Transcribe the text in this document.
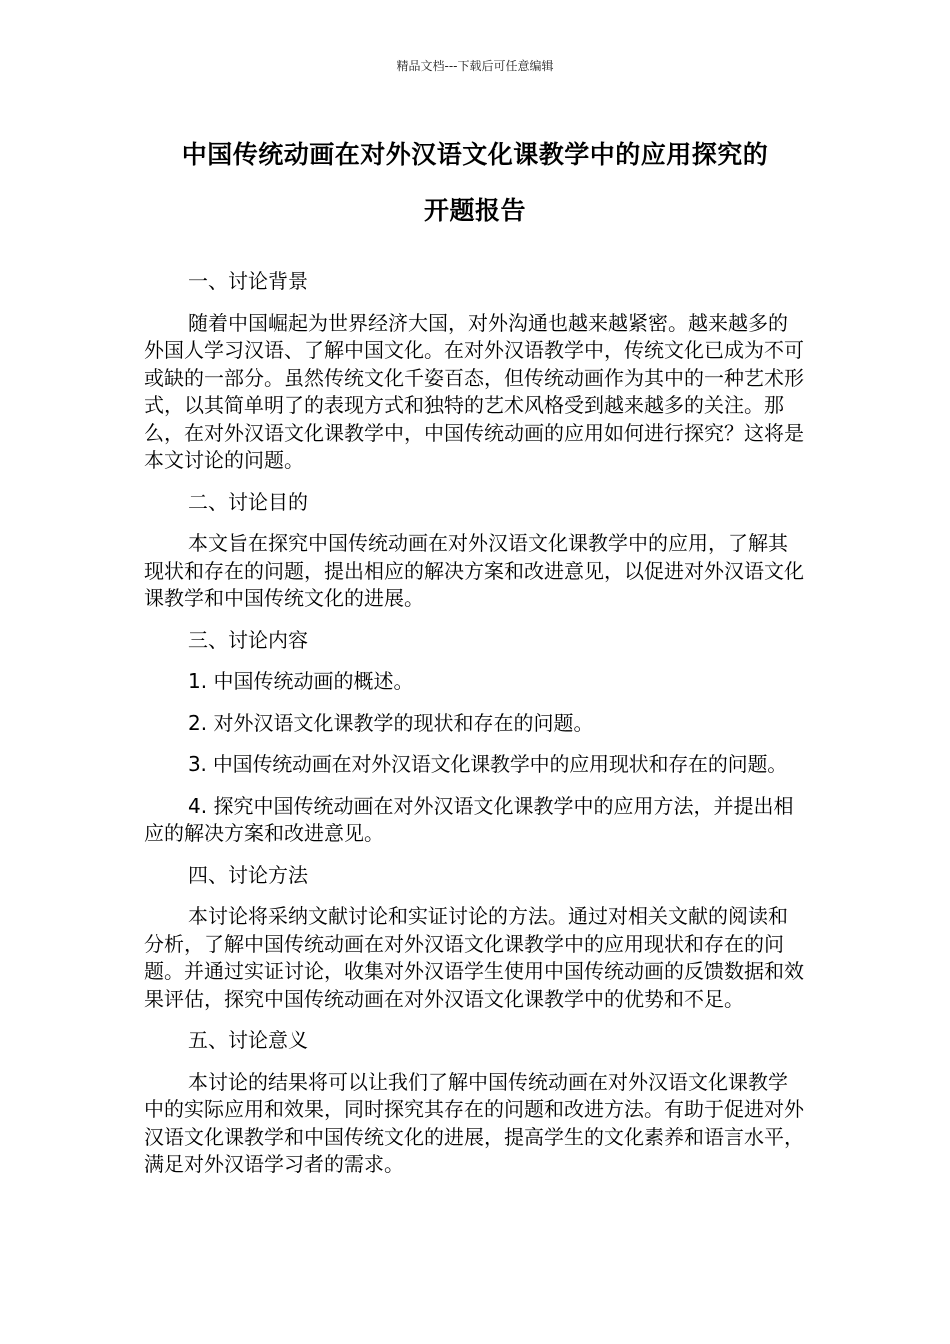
精品文档---下载后可任意编辑
中国传统动画在对外汉语文化课教学中的应用探究的
开题报告

一、讨论背景

随着中国崛起为世界经济大国，对外沟通也越来越紧密。越来越多的外国人学习汉语、了解中国文化。在对外汉语教学中，传统文化已成为不可或缺的一部分。虽然传统文化千姿百态，但传统动画作为其中的一种艺术形式，以其简单明了的表现方式和独特的艺术风格受到越来越多的关注。那么，在对外汉语文化课教学中，中国传统动画的应用如何进行探究？这将是本文讨论的问题。

二、讨论目的

本文旨在探究中国传统动画在对外汉语文化课教学中的应用，了解其现状和存在的问题，提出相应的解决方案和改进意见，以促进对外汉语文化课教学和中国传统文化的进展。

三、讨论内容

1. 中国传统动画的概述。

2. 对外汉语文化课教学的现状和存在的问题。

3. 中国传统动画在对外汉语文化课教学中的应用现状和存在的问题。

4. 探究中国传统动画在对外汉语文化课教学中的应用方法，并提出相应的解决方案和改进意见。

四、讨论方法

本讨论将采纳文献讨论和实证讨论的方法。通过对相关文献的阅读和分析，了解中国传统动画在对外汉语文化课教学中的应用现状和存在的问题。并通过实证讨论，收集对外汉语学生使用中国传统动画的反馈数据和效果评估，探究中国传统动画在对外汉语文化课教学中的优势和不足。

五、讨论意义

本讨论的结果将可以让我们了解中国传统动画在对外汉语文化课教学中的实际应用和效果，同时探究其存在的问题和改进方法。有助于促进对外汉语文化课教学和中国传统文化的进展，提高学生的文化素养和语言水平，满足对外汉语学习者的需求。
